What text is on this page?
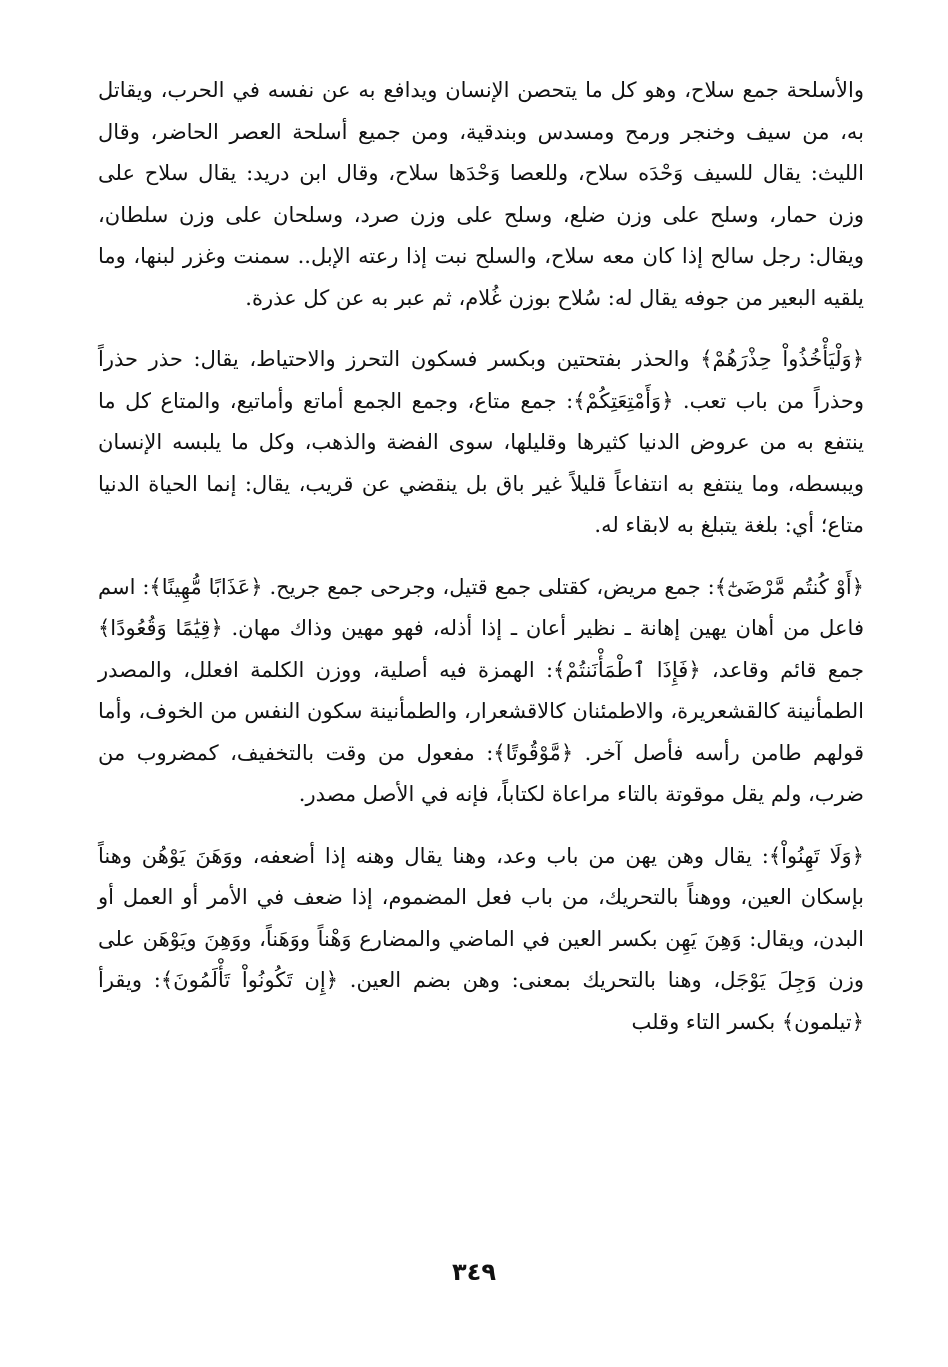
والأسلحة جمع سلاح، وهو كل ما يتحصن الإنسان ويدافع به عن نفسه في الحرب، ويقاتل به، من سيف وخنجر ورمح ومسدس وبندقية، ومن جميع أسلحة العصر الحاضر، وقال الليث: يقال للسيف وَحْدَه سلاح، وللعصا وَحْدَها سلاح، وقال ابن دريد: يقال سلاح على وزن حمار، وسلح على وزن ضلع، وسلح على وزن صرد، وسلحان على وزن سلطان، ويقال: رجل سالح إذا كان معه سلاح، والسلح نبت إذا رعته الإبل.. سمنت وغزر لبنها، وما يلقيه البعير من جوفه يقال له: سُلاح بوزن غُلام، ثم عبر به عن كل عذرة.

﴿وَلْيَأْخُذُواْ حِذْرَهُمْ﴾ والحذر بفتحتين وبكسر فسكون التحرز والاحتياط، يقال: حذر حذراً وحذراً من باب تعب. ﴿وَأَمْتِعَتِكُمْ﴾: جمع متاع، وجمع الجمع أماتع وأماتيع، والمتاع كل ما ينتفع به من عروض الدنيا كثيرها وقليلها، سوى الفضة والذهب، وكل ما يلبسه الإنسان ويبسطه، وما ينتفع به انتفاعاً قليلاً غير باق بل ينقضي عن قريب، يقال: إنما الحياة الدنيا متاع؛ أي: بلغة يتبلغ به لابقاء له.

﴿أَوْ كُنتُم مَّرْضَىٰٓ﴾: جمع مريض، كقتلى جمع قتيل، وجرحى جمع جريح. ﴿عَذَابًا مُّهِينًا﴾: اسم فاعل من أهان يهين إهانة ـ نظير أعان ـ إذا أذله، فهو مهين وذاك مهان. ﴿قِيَٰمًا وَقُعُودًا﴾ جمع قائم وقاعد، ﴿فَإِذَا ٱطْمَأْنَنتُمْ﴾: الهمزة فيه أصلية، ووزن الكلمة افعلل، والمصدر الطمأنينة كالقشعريرة، والاطمئنان كالاقشعرار، والطمأنينة سكون النفس من الخوف، وأما قولهم طامن رأسه فأصل آخر. ﴿مَّوْقُوتًا﴾: مفعول من وقت بالتخفيف، كمضروب من ضرب، ولم يقل موقوتة بالتاء مراعاة لكتاباً، فإنه في الأصل مصدر.

﴿وَلَا تَهِنُواْ﴾: يقال وهن يهن من باب وعد، وهنا يقال وهنه إذا أضعفه، ووَهَنَ يَوْهُن وهناً بإسكان العين، ووهناً بالتحريك، من باب فعل المضموم، إذا ضعف في الأمر أو العمل أو البدن، ويقال: وَهِنَ يَهِن بكسر العين في الماضي والمضارع وَهْناً ووَهَناً، ووَهِنَ ويَوْهَن على وزن وَجِلَ يَوْجَل، وهنا بالتحريك بمعنى: وهن بضم العين. ﴿إِن تَكُونُواْ تَأْلَمُونَ﴾: ويقرأ ﴿تيلمون﴾ بكسر التاء وقلب

٣٤٩
